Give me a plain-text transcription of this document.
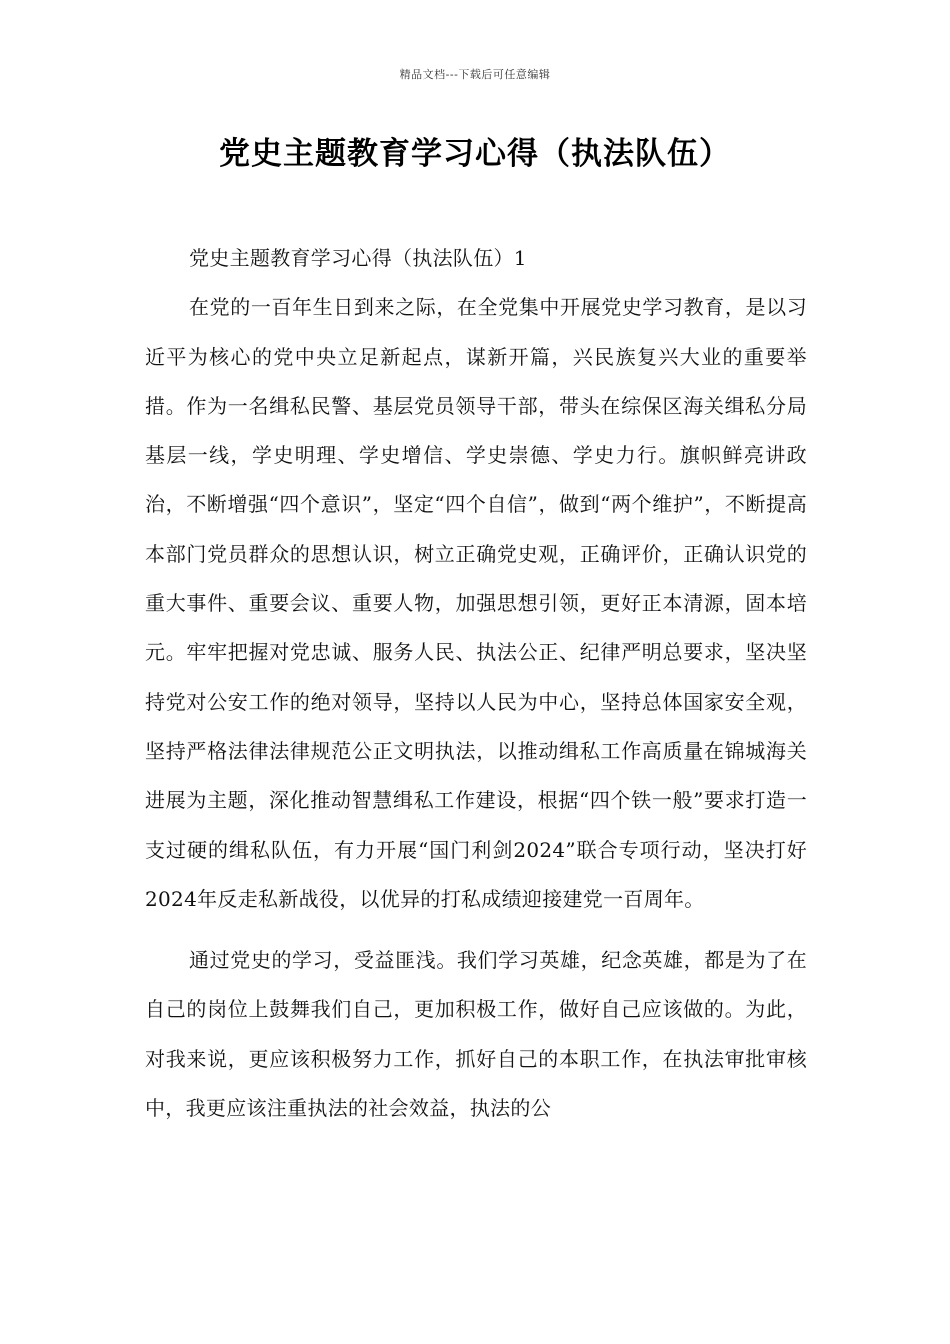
精品文档---下载后可任意编辑
党史主题教育学习心得（执法队伍）

党史主题教育学习心得（执法队伍）1

在党的一百年生日到来之际，在全党集中开展党史学习教育，是以习近平为核心的党中央立足新起点，谋新开篇，兴民族复兴大业的重要举措。作为一名缉私民警、基层党员领导干部，带头在综保区海关缉私分局基层一线，学史明理、学史增信、学史崇德、学史力行。旗帜鲜亮讲政治，不断增强“四个意识”，坚定“四个自信”，做到“两个维护”，不断提高本部门党员群众的思想认识，树立正确党史观，正确评价，正确认识党的重大事件、重要会议、重要人物，加强思想引领，更好正本清源，固本培元。牢牢把握对党忠诚、服务人民、执法公正、纪律严明总要求，坚决坚持党对公安工作的绝对领导，坚持以人民为中心，坚持总体国家安全观，坚持严格法律法律规范公正文明执法，以推动缉私工作高质量在锦城海关进展为主题，深化推动智慧缉私工作建设，根据“四个铁一般”要求打造一支过硬的缉私队伍，有力开展“国门利剑2024”联合专项行动，坚决打好2024年反走私新战役，以优异的打私成绩迎接建党一百周年。

通过党史的学习，受益匪浅。我们学习英雄，纪念英雄，都是为了在自己的岗位上鼓舞我们自己，更加积极工作，做好自己应该做的。为此，对我来说，更应该积极努力工作，抓好自己的本职工作，在执法审批审核中，我更应该注重执法的社会效益，执法的公
